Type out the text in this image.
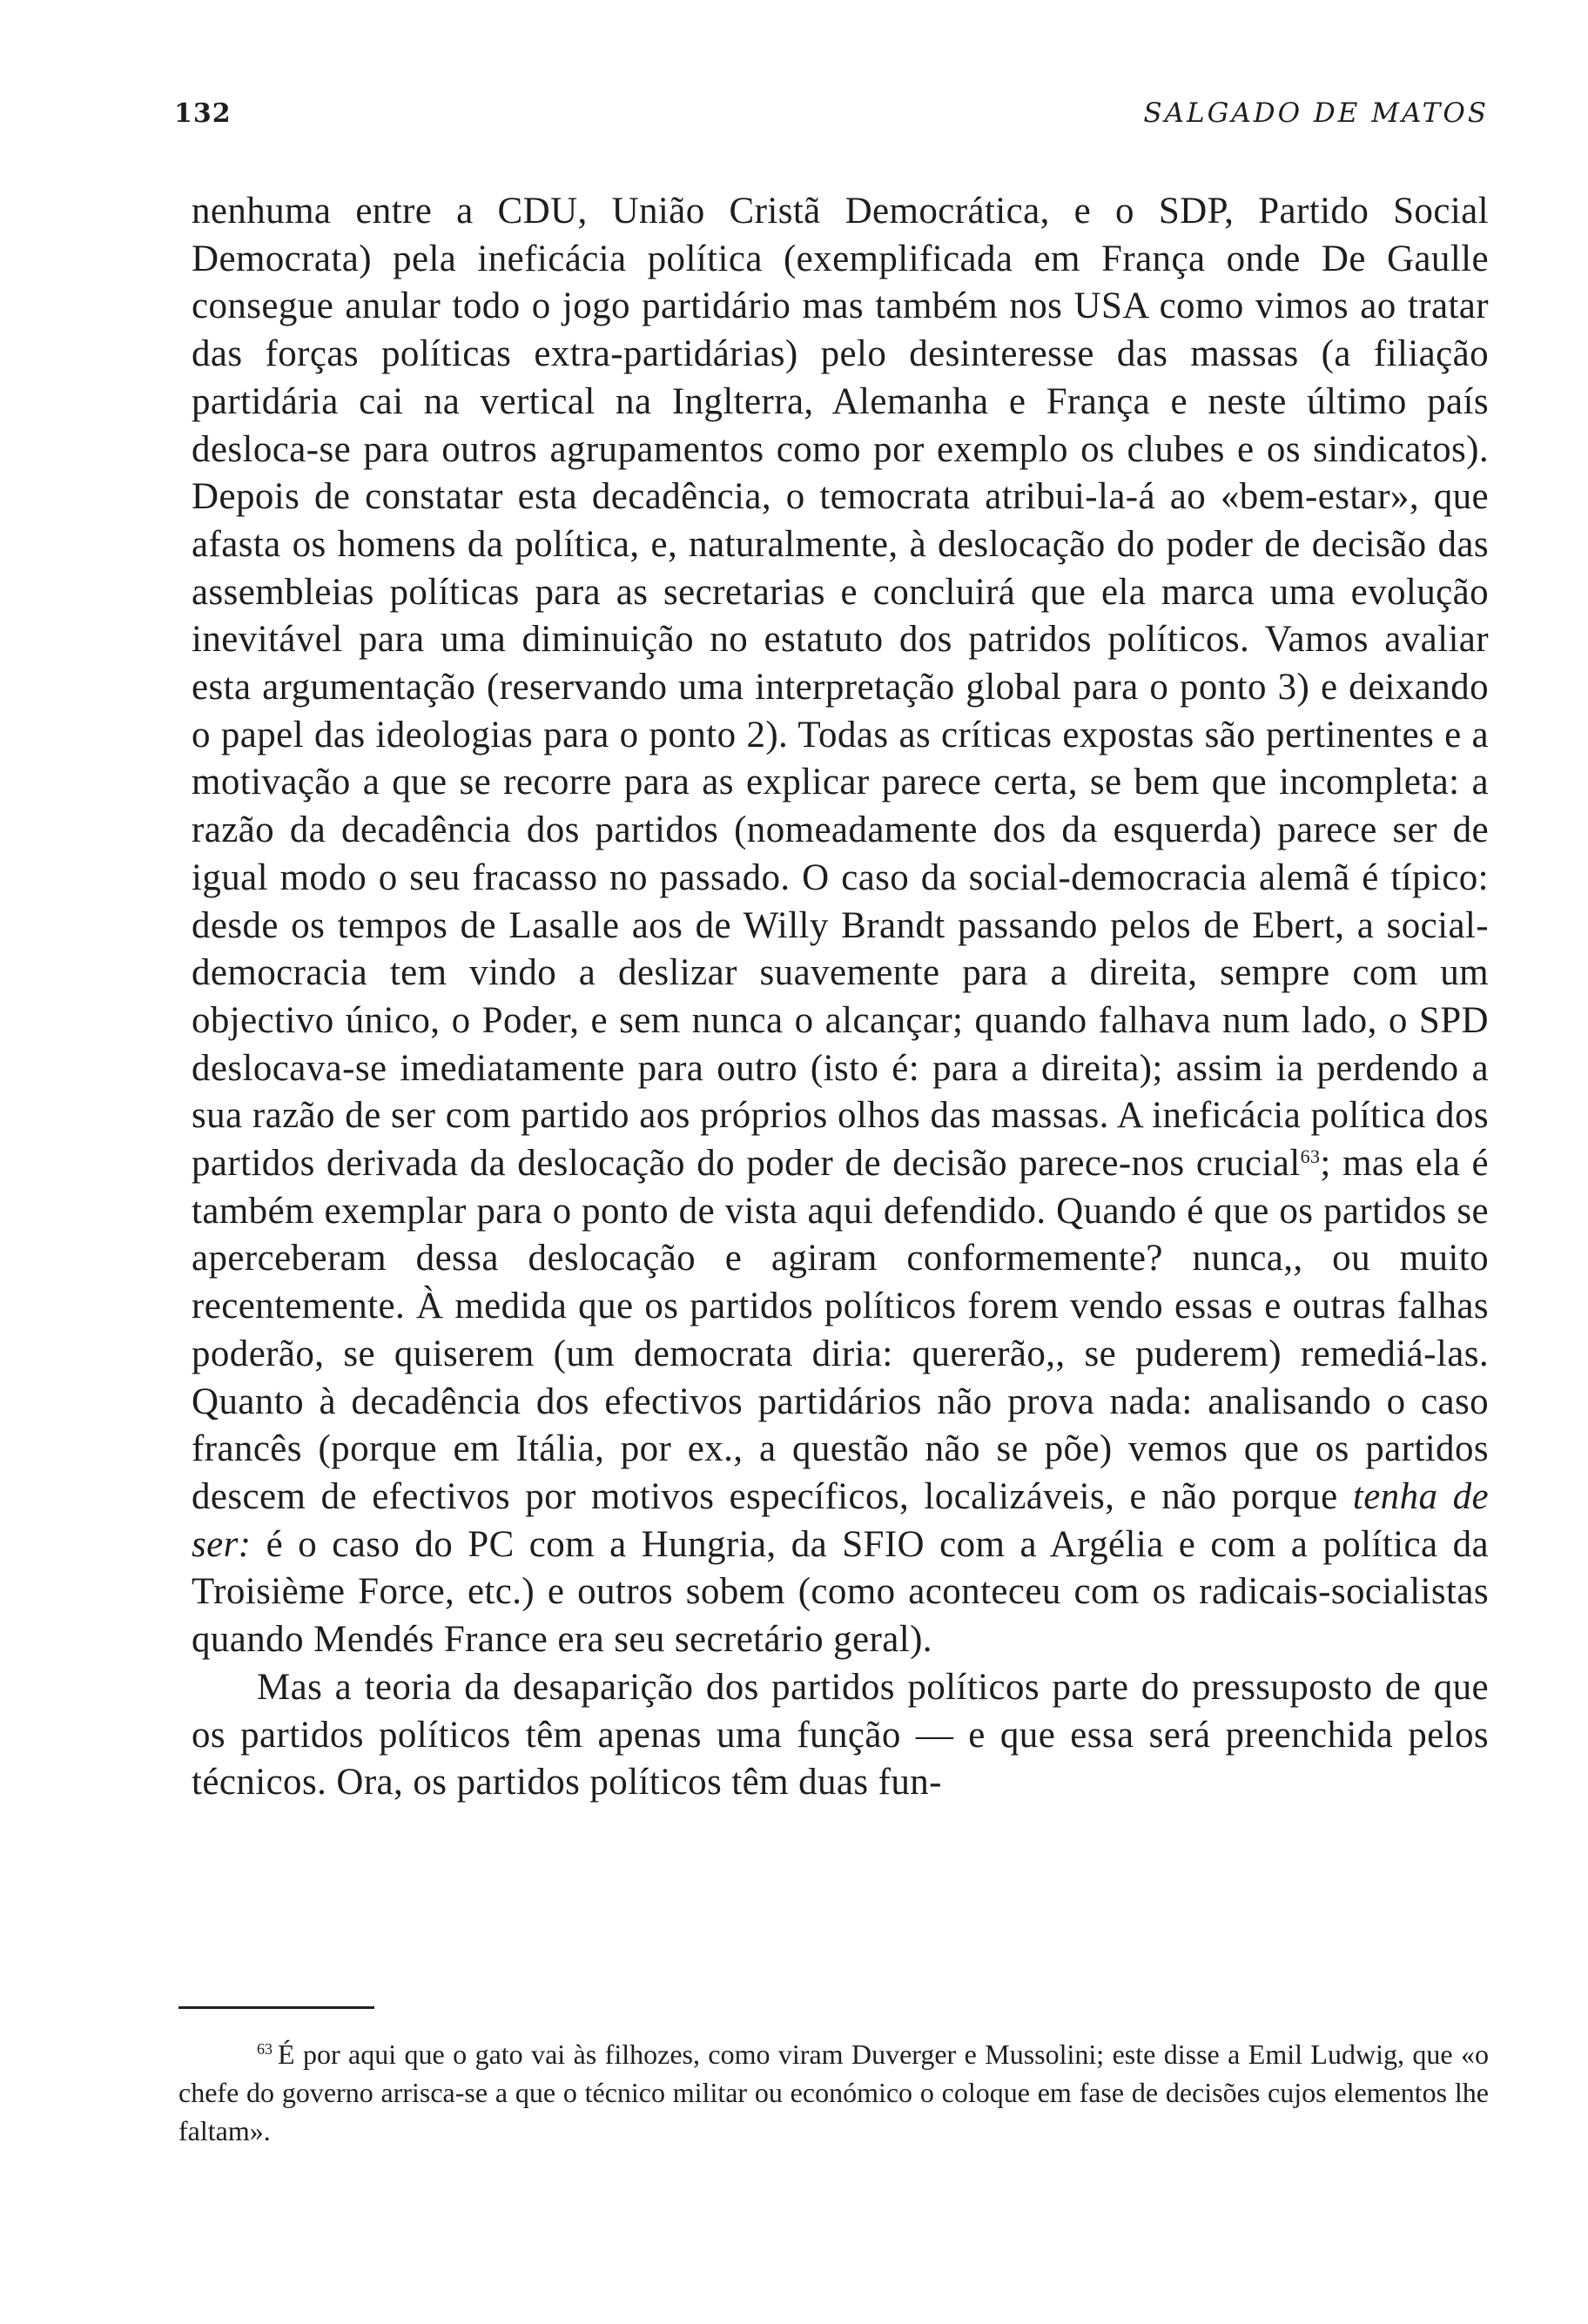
132	SALGADO DE MATOS

nenhuma entre a CDU, União Cristã Democrática, e o SDP, Partido Social Democrata) pela ineficácia política (exemplificada em França onde De Gaulle consegue anular todo o jogo partidário mas também nos USA como vimos ao tratar das forças políticas extra-partidárias) pelo desinteresse das massas (a filiação partidária cai na vertical na Inglterra, Alemanha e França e neste último país desloca-se para outros agrupamentos como por exemplo os clubes e os sindicatos). Depois de constatar esta decadência, o temocrata atribui-la-á ao «bem-estar», que afasta os homens da política, e, naturalmente, à deslocação do poder de decisão das assembleias políticas para as secretarias e concluirá que ela marca uma evolução inevitável para uma diminuição no estatuto dos patridos políticos. Vamos avaliar esta argumentação (reservando uma interpretação global para o ponto 3) e deixando o papel das ideologias para o ponto 2). Todas as críticas expostas são pertinentes e a motivação a que se recorre para as explicar parece certa, se bem que incompleta: a razão da decadência dos partidos (nomeadamente dos da esquerda) parece ser de igual modo o seu fracasso no passado. O caso da social-democracia alemã é típico: desde os tempos de Lasalle aos de Willy Brandt passando pelos de Ebert, a social-democracia tem vindo a deslizar suavemente para a direita, sempre com um objectivo único, o Poder, e sem nunca o alcançar; quando falhava num lado, o SPD deslocava-se imediatamente para outro (isto é: para a direita); assim ia perdendo a sua razão de ser com partido aos próprios olhos das massas. A ineficácia política dos partidos derivada da deslocação do poder de decisão parece-nos crucial$^{63}$; mas ela é também exemplar para o ponto de vista aqui defendido. Quando é que os partidos se aperceberam dessa deslocação e agiram conformemente? nunca,, ou muito recentemente. À medida que os partidos políticos forem vendo essas e outras falhas poderão, se quiserem (um democrata diria: quererão,, se puderem) remediá-las. Quanto à decadência dos efectivos partidários não prova nada: analisando o caso francês (porque em Itália, por ex., a questão não se põe) vemos que os partidos descem de efectivos por motivos específicos, localizáveis, e não porque tenha de ser: é o caso do PC com a Hungria, da SFIO com a Argélia e com a política da Troisième Force, etc.) e outros sobem (como aconteceu com os radicais-socialistas quando Mendés France era seu secretário geral).

Mas a teoria da desaparição dos partidos políticos parte do pressuposto de que os partidos políticos têm apenas uma função — e que essa será preenchida pelos técnicos. Ora, os partidos políticos têm duas fun-

$^{63}$ É por aqui que o gato vai às filhozes, como viram Duverger e Mussolini; este disse a Emil Ludwig, que «o chefe do governo arrisca-se a que o técnico militar ou económico o coloque em fase de decisões cujos elementos lhe faltam».
